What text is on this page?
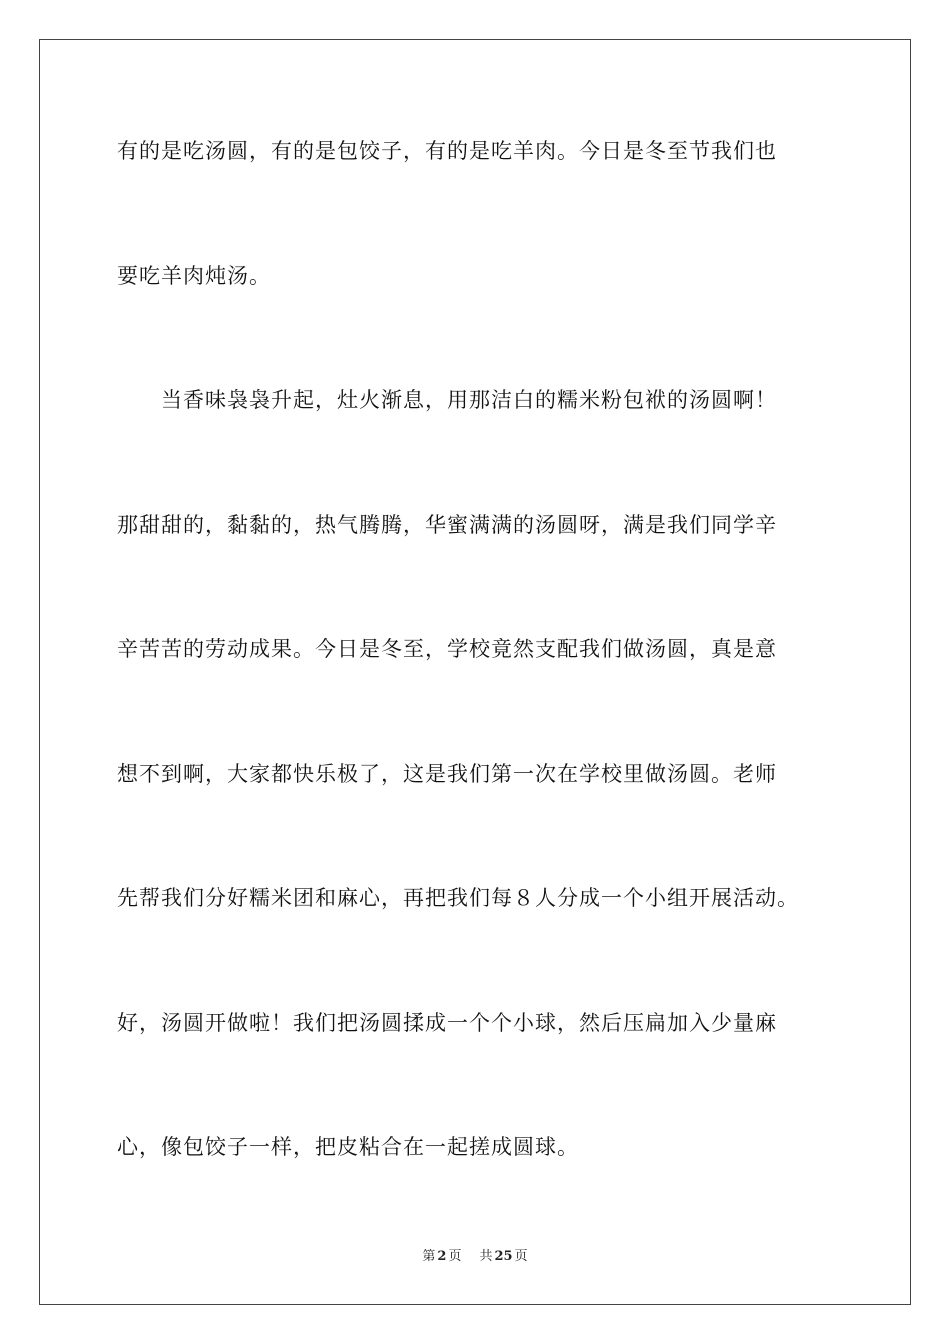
有的是吃汤圆，有的是包饺子，有的是吃羊肉。今日是冬至节我们也
要吃羊肉炖汤。
　　当香味袅袅升起，灶火渐息，用那洁白的糯米粉包袱的汤圆啊！
那甜甜的，黏黏的，热气腾腾，华蜜满满的汤圆呀，满是我们同学辛
辛苦苦的劳动成果。今日是冬至，学校竟然支配我们做汤圆，真是意
想不到啊，大家都快乐极了，这是我们第一次在学校里做汤圆。老师
先帮我们分好糯米团和麻心，再把我们每８人分成一个小组开展活动。
好，汤圆开做啦！我们把汤圆揉成一个个小球，然后压扁加入少量麻
心，像包饺子一样，把皮粘合在一起搓成圆球。
第 2 页 共 25 页
